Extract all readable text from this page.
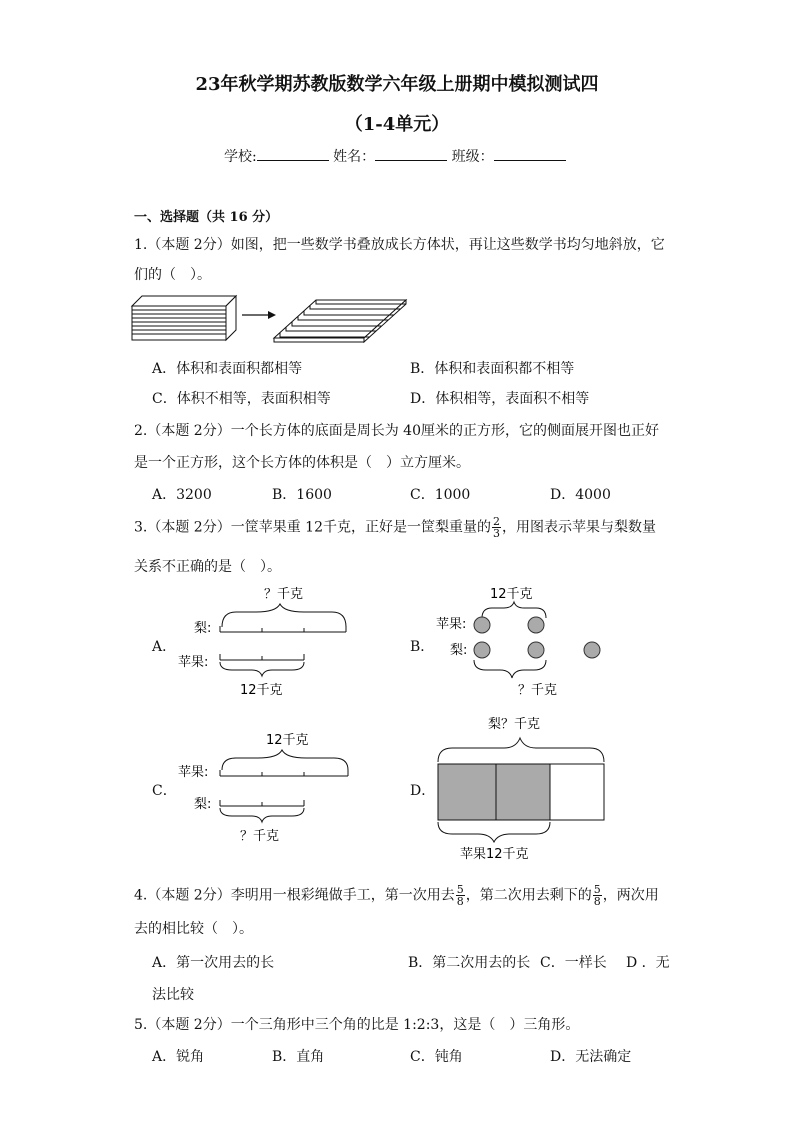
23年秋学期苏教版数学六年级上册期中模拟测试四
（1-4单元）
学校:	姓名：	班级：
一、选择题（共 16 分）
1.（本题 2分）如图，把一些数学书叠放成长方体状，再让这些数学书均匀地斜放，它
们的（　）。
A．体积和表面积都相等	B．体积和表面积都不相等
C．体积不相等，表面积相等	D．体积相等，表面积不相等
2.（本题 2分）一个长方体的底面是周长为 40厘米的正方形，它的侧面展开图也正好
是一个正方形，这个长方体的体积是（　）立方厘米。
A．3200	B．1600	C．1000	D．4000
3.（本题 2分）一筐苹果重 12千克，正好是一筐梨重量的 $\frac{2}{3}$ ，用图表示苹果与梨数量
关系不正确的是（　）。
A．
？千克
梨:
苹果:
12千克
B．
12千克
苹果:
梨:
？千克
C．
12千克
苹果:
梨:
？千克
D．
梨？千克
苹果12千克
4.（本题 2分）李明用一根彩绳做手工，第一次用去 $\frac{5}{8}$ ，第二次用去剩下的 $\frac{5}{8}$ ，两次用
去的相比较（　）。
A．第一次用去的长	B．第二次用去的长 C．一样长 D ．无
法比较
5.（本题 2分）一个三角形中三个角的比是 1:2:3，这是（　）三角形。
A．锐角	B．直角	C．钝角	D．无法确定
